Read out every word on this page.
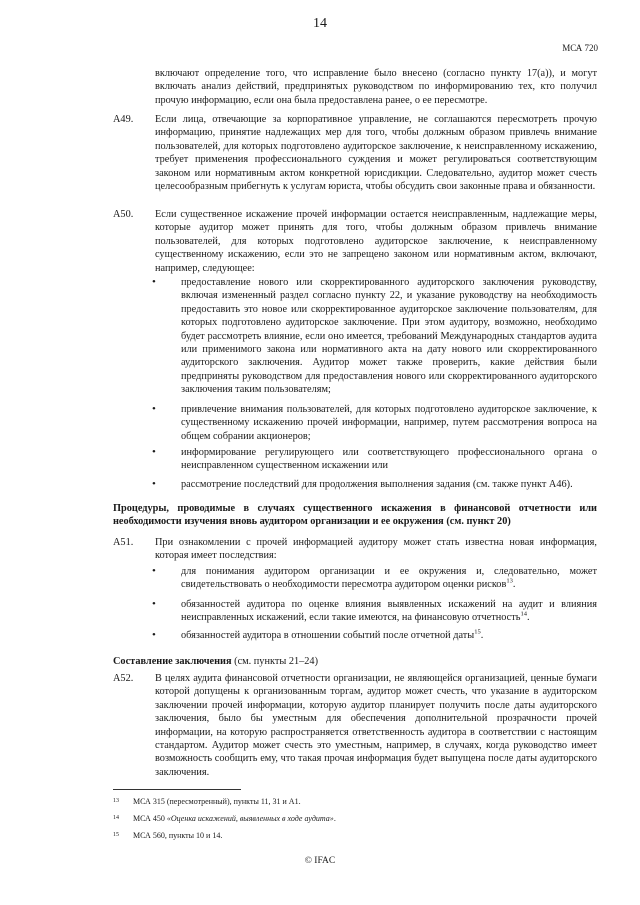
14
МСА 720

включают определение того, что исправление было внесено (согласно пункту 17(а)), и могут включать анализ действий, предпринятых руководством по информированию тех, кто получил прочую информацию, если она была предоставлена ранее, о ее пересмотре.

A49. Если лица, отвечающие за корпоративное управление, не соглашаются пересмотреть прочую информацию, принятие надлежащих мер для того, чтобы должным образом привлечь внимание пользователей, для которых подготовлено аудиторское заключение, к неисправленному искажению, требует применения профессионального суждения и может регулироваться соответствующим законом или нормативным актом конкретной юрисдикции. Следовательно, аудитор может счесть целесообразным прибегнуть к услугам юриста, чтобы обсудить свои законные права и обязанности.
A50. Если существенное искажение прочей информации остается неисправленным, надлежащие меры, которые аудитор может принять для того, чтобы должным образом привлечь внимание пользователей, для которых подготовлено аудиторское заключение, к неисправленному существенному искажению, если это не запрещено законом или нормативным актом, включают, например, следующее:
• предоставление нового или скорректированного аудиторского заключения руководству, включая измененный раздел согласно пункту 22, и указание руководству на необходимость предоставить это новое или скорректированное аудиторское заключение пользователям, для которых подготовлено аудиторское заключение. При этом аудитору, возможно, необходимо будет рассмотреть влияние, если оно имеется, требований Международных стандартов аудита или применимого закона или нормативного акта на дату нового или скорректированного аудиторского заключения. Аудитор может также проверить, какие действия были предприняты руководством для предоставления нового или скорректированного аудиторского заключения таким пользователям;
• привлечение внимания пользователей, для которых подготовлено аудиторское заключение, к существенному искажению прочей информации, например, путем рассмотрения вопроса на общем собрании акционеров;
• информирование регулирующего или соответствующего профессионального органа о неисправленном существенном искажении или
• рассмотрение последствий для продолжения выполнения задания (см. также пункт A46).

Процедуры, проводимые в случаях существенного искажения в финансовой отчетности или необходимости изучения вновь аудитором организации и ее окружения (см. пункт 20)

A51. При ознакомлении с прочей информацией аудитору может стать известна новая информация, которая имеет последствия:
• для понимания аудитором организации и ее окружения и, следовательно, может свидетельствовать о необходимости пересмотра аудитором оценки рисков$^{13}$.
• обязанностей аудитора по оценке влияния выявленных искажений на аудит и влияния неисправленных искажений, если такие имеются, на финансовую отчетность$^{14}$.
• обязанностей аудитора в отношении событий после отчетной даты$^{15}$.

Составление заключения (см. пункты 21–24)

A52. В целях аудита финансовой отчетности организации, не являющейся организацией, ценные бумаги которой допущены к организованным торгам, аудитор может счесть, что указание в аудиторском заключении прочей информации, которую аудитор планирует получить после даты аудиторского заключения, было бы уместным для обеспечения дополнительной прозрачности прочей информации, на которую распространяется ответственность аудитора в соответствии с настоящим стандартом. Аудитор может счесть это уместным, например, в случаях, когда руководство имеет возможность сообщить ему, что такая прочая информация будет выпущена после даты аудиторского заключения.
13 МСА 315 (пересмотренный), пункты 11, 31 и A1.
14 МСА 450 «Оценка искажений, выявленных в ходе аудита».
15 МСА 560, пункты 10 и 14.
© IFAC
